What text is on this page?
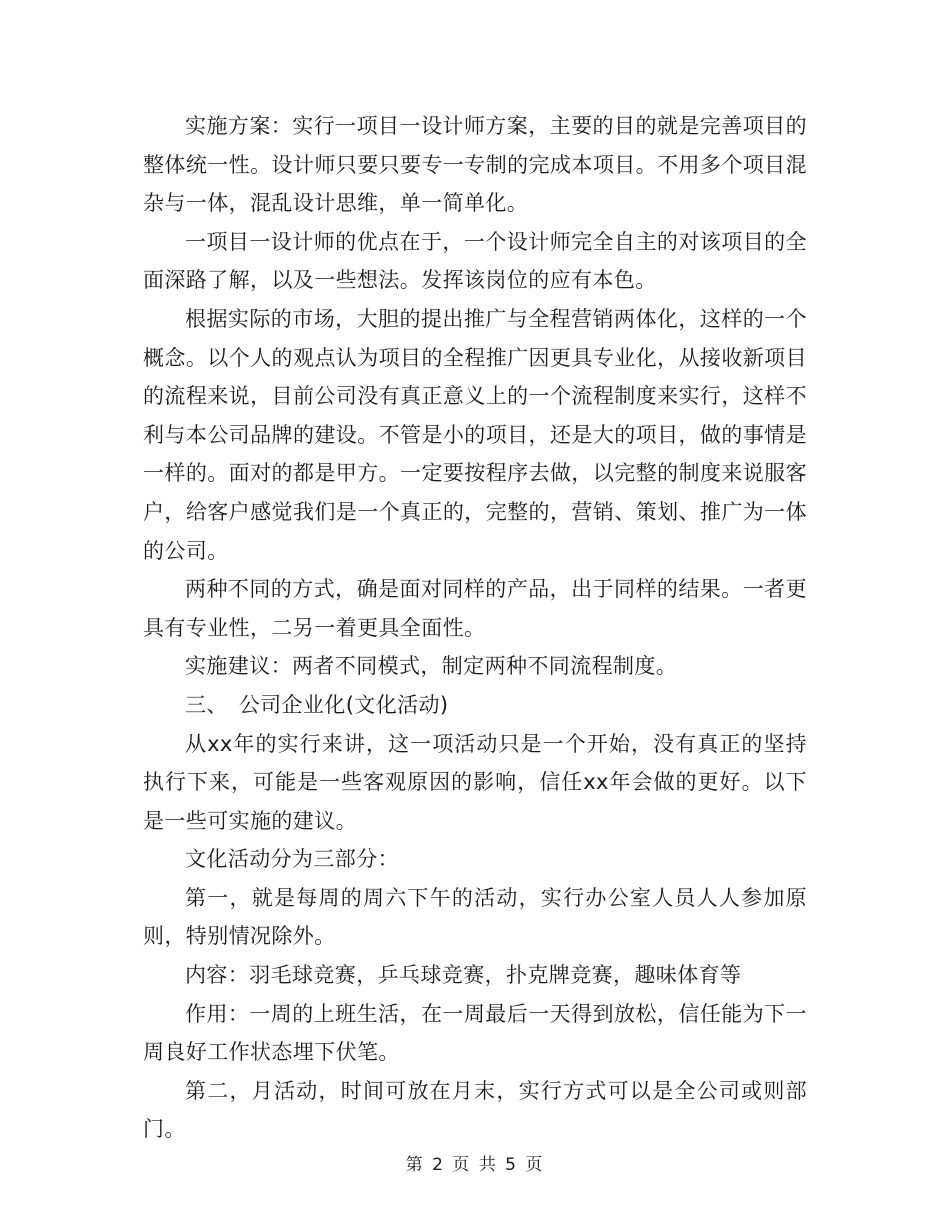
实施方案：实行一项目一设计师方案，主要的目的就是完善项目的整体统一性。设计师只要只要专一专制的完成本项目。不用多个项目混杂与一体，混乱设计思维，单一简单化。

一项目一设计师的优点在于，一个设计师完全自主的对该项目的全面深路了解，以及一些想法。发挥该岗位的应有本色。

根据实际的市场，大胆的提出推广与全程营销两体化，这样的一个概念。以个人的观点认为项目的全程推广因更具专业化，从接收新项目的流程来说，目前公司没有真正意义上的一个流程制度来实行，这样不利与本公司品牌的建设。不管是小的项目，还是大的项目，做的事情是一样的。面对的都是甲方。一定要按程序去做，以完整的制度来说服客户，给客户感觉我们是一个真正的，完整的，营销、策划、推广为一体的公司。

两种不同的方式，确是面对同样的产品，出于同样的结果。一者更具有专业性，二另一着更具全面性。

实施建议：两者不同模式，制定两种不同流程制度。

三、　公司企业化(文化活动)

从xx年的实行来讲，这一项活动只是一个开始，没有真正的坚持执行下来，可能是一些客观原因的影响，信任xx年会做的更好。以下是一些可实施的建议。

文化活动分为三部分：

第一，就是每周的周六下午的活动，实行办公室人员人人参加原则，特别情况除外。

内容：羽毛球竞赛，乒乓球竞赛，扑克牌竞赛，趣味体育等

作用：一周的上班生活，在一周最后一天得到放松，信任能为下一周良好工作状态埋下伏笔。

第二，月活动，时间可放在月末，实行方式可以是全公司或则部门。

第 2 页 共 5 页
